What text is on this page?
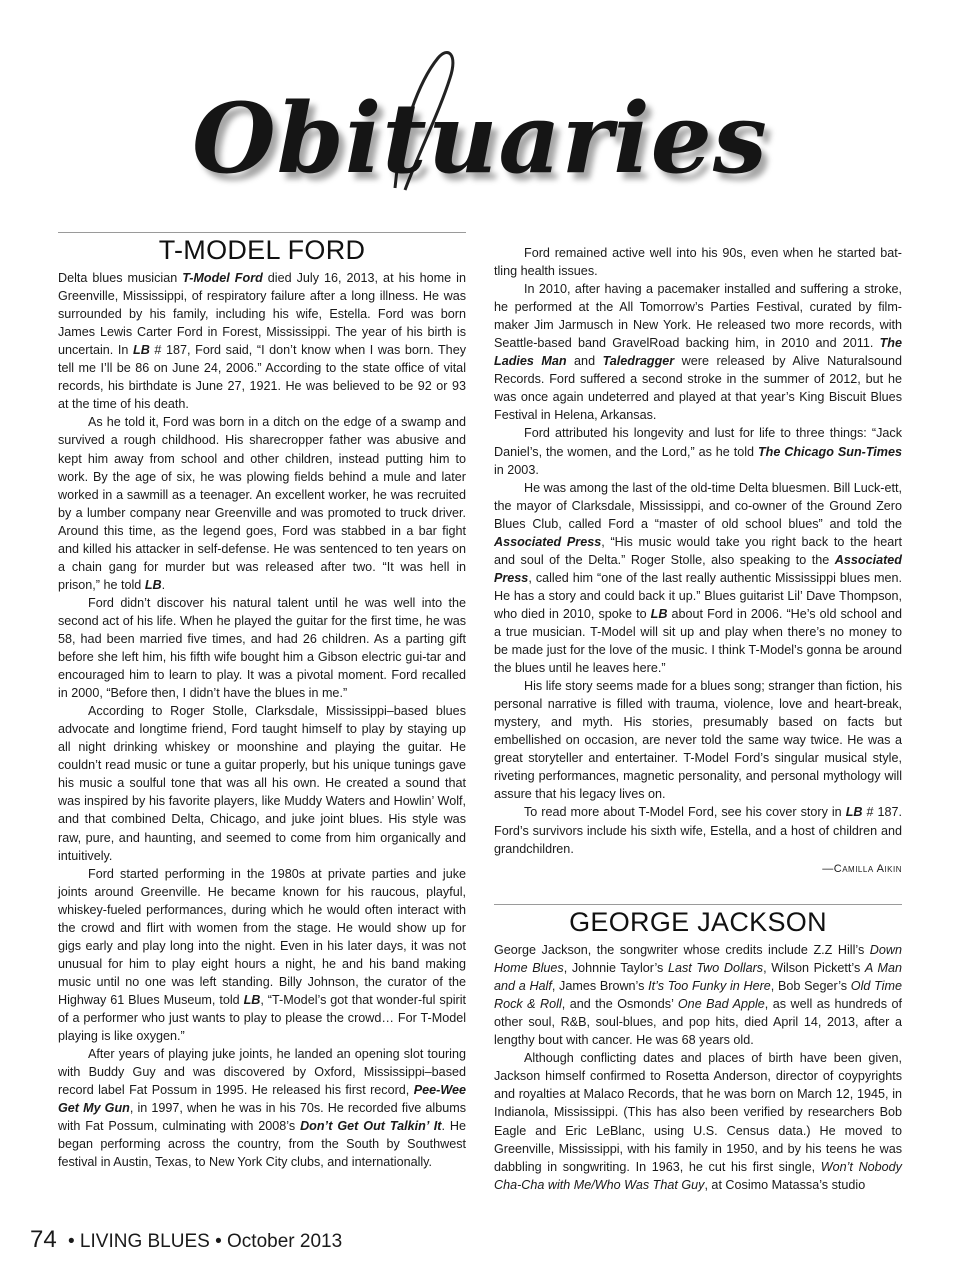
Obituaries
T-MODEL FORD

Delta blues musician T-Model Ford died July 16, 2013, at his home in Greenville, Mississippi, of respiratory failure after a long illness. He was surrounded by his family, including his wife, Estella. Ford was born James Lewis Carter Ford in Forest, Mississippi. The year of his birth is uncertain. In LB # 187, Ford said, “I don’t know when I was born. They tell me I’ll be 86 on June 24, 2006.” According to the state office of vital records, his birthdate is June 27, 1921. He was believed to be 92 or 93 at the time of his death.

As he told it, Ford was born in a ditch on the edge of a swamp and survived a rough childhood. His sharecropper father was abusive and kept him away from school and other children, instead putting him to work. By the age of six, he was plowing fields behind a mule and later worked in a sawmill as a teenager. An excellent worker, he was recruited by a lumber company near Greenville and was promoted to truck driver. Around this time, as the legend goes, Ford was stabbed in a bar fight and killed his attacker in self-defense. He was sentenced to ten years on a chain gang for murder but was released after two. “It was hell in prison,” he told LB.

Ford didn’t discover his natural talent until he was well into the second act of his life. When he played the guitar for the first time, he was 58, had been married five times, and had 26 children. As a parting gift before she left him, his fifth wife bought him a Gibson electric gui-tar and encouraged him to learn to play. It was a pivotal moment. Ford recalled in 2000, “Before then, I didn’t have the blues in me.”

According to Roger Stolle, Clarksdale, Mississippi–based blues advocate and longtime friend, Ford taught himself to play by staying up all night drinking whiskey or moonshine and playing the guitar. He couldn’t read music or tune a guitar properly, but his unique tunings gave his music a soulful tone that was all his own. He created a sound that was inspired by his favorite players, like Muddy Waters and Howlin’ Wolf, and that combined Delta, Chicago, and juke joint blues. His style was raw, pure, and haunting, and seemed to come from him organically and intuitively.

Ford started performing in the 1980s at private parties and juke joints around Greenville. He became known for his raucous, playful, whiskey-fueled performances, during which he would often interact with the crowd and flirt with women from the stage. He would show up for gigs early and play long into the night. Even in his later days, it was not unusual for him to play eight hours a night, he and his band making music until no one was left standing. Billy Johnson, the curator of the Highway 61 Blues Museum, told LB, “T-Model’s got that wonder-ful spirit of a performer who just wants to play to please the crowd… For T-Model playing is like oxygen.”

After years of playing juke joints, he landed an opening slot touring with Buddy Guy and was discovered by Oxford, Mississippi–based record label Fat Possum in 1995. He released his first record, Pee-Wee Get My Gun, in 1997, when he was in his 70s. He recorded five albums with Fat Possum, culminating with 2008’s Don’t Get Out Talkin’ It. He began performing across the country, from the South by Southwest festival in Austin, Texas, to New York City clubs, and internationally.

Ford remained active well into his 90s, even when he started bat-tling health issues.

In 2010, after having a pacemaker installed and suffering a stroke, he performed at the All Tomorrow’s Parties Festival, curated by film-maker Jim Jarmusch in New York. He released two more records, with Seattle-based band GravelRoad backing him, in 2010 and 2011. The Ladies Man and Taledragger were released by Alive Naturalsound Records. Ford suffered a second stroke in the summer of 2012, but he was once again undeterred and played at that year’s King Biscuit Blues Festival in Helena, Arkansas.

Ford attributed his longevity and lust for life to three things: “Jack Daniel’s, the women, and the Lord,” as he told The Chicago Sun-Times in 2003.

He was among the last of the old-time Delta bluesmen. Bill Luck-ett, the mayor of Clarksdale, Mississippi, and co-owner of the Ground Zero Blues Club, called Ford a “master of old school blues” and told the Associated Press, “His music would take you right back to the heart and soul of the Delta.” Roger Stolle, also speaking to the Associated Press, called him “one of the last really authentic Mississippi blues men. He has a story and could back it up.” Blues guitarist Lil’ Dave Thompson, who died in 2010, spoke to LB about Ford in 2006. “He’s old school and a true musician. T-Model will sit up and play when there’s no money to be made just for the love of the music. I think T-Model’s gonna be around the blues until he leaves here.”

His life story seems made for a blues song; stranger than fiction, his personal narrative is filled with trauma, violence, love and heart-break, mystery, and myth. His stories, presumably based on facts but embellished on occasion, are never told the same way twice. He was a great storyteller and entertainer. T-Model Ford’s singular musical style, riveting performances, magnetic personality, and personal mythology will assure that his legacy lives on.

To read more about T-Model Ford, see his cover story in LB # 187. Ford’s survivors include his sixth wife, Estella, and a host of children and grandchildren.

—Camilla Aikin
GEORGE JACKSON

George Jackson, the songwriter whose credits include Z.Z Hill’s Down Home Blues, Johnnie Taylor’s Last Two Dollars, Wilson Pickett’s A Man and a Half, James Brown’s It’s Too Funky in Here, Bob Seger’s Old Time Rock & Roll, and the Osmonds’ One Bad Apple, as well as hundreds of other soul, R&B, soul-blues, and pop hits, died April 14, 2013, after a lengthy bout with cancer. He was 68 years old.

Although conflicting dates and places of birth have been given, Jackson himself confirmed to Rosetta Anderson, director of coypyrights and royalties at Malaco Records, that he was born on March 12, 1945, in Indianola, Mississippi. (This has also been verified by researchers Bob Eagle and Eric LeBlanc, using U.S. Census data.) He moved to Greenville, Mississippi, with his family in 1950, and by his teens he was dabbling in songwriting. In 1963, he cut his first single, Won’t Nobody Cha-Cha with Me/Who Was That Guy, at Cosimo Matassa’s studio

74 • LIVING BLUES • October 2013
